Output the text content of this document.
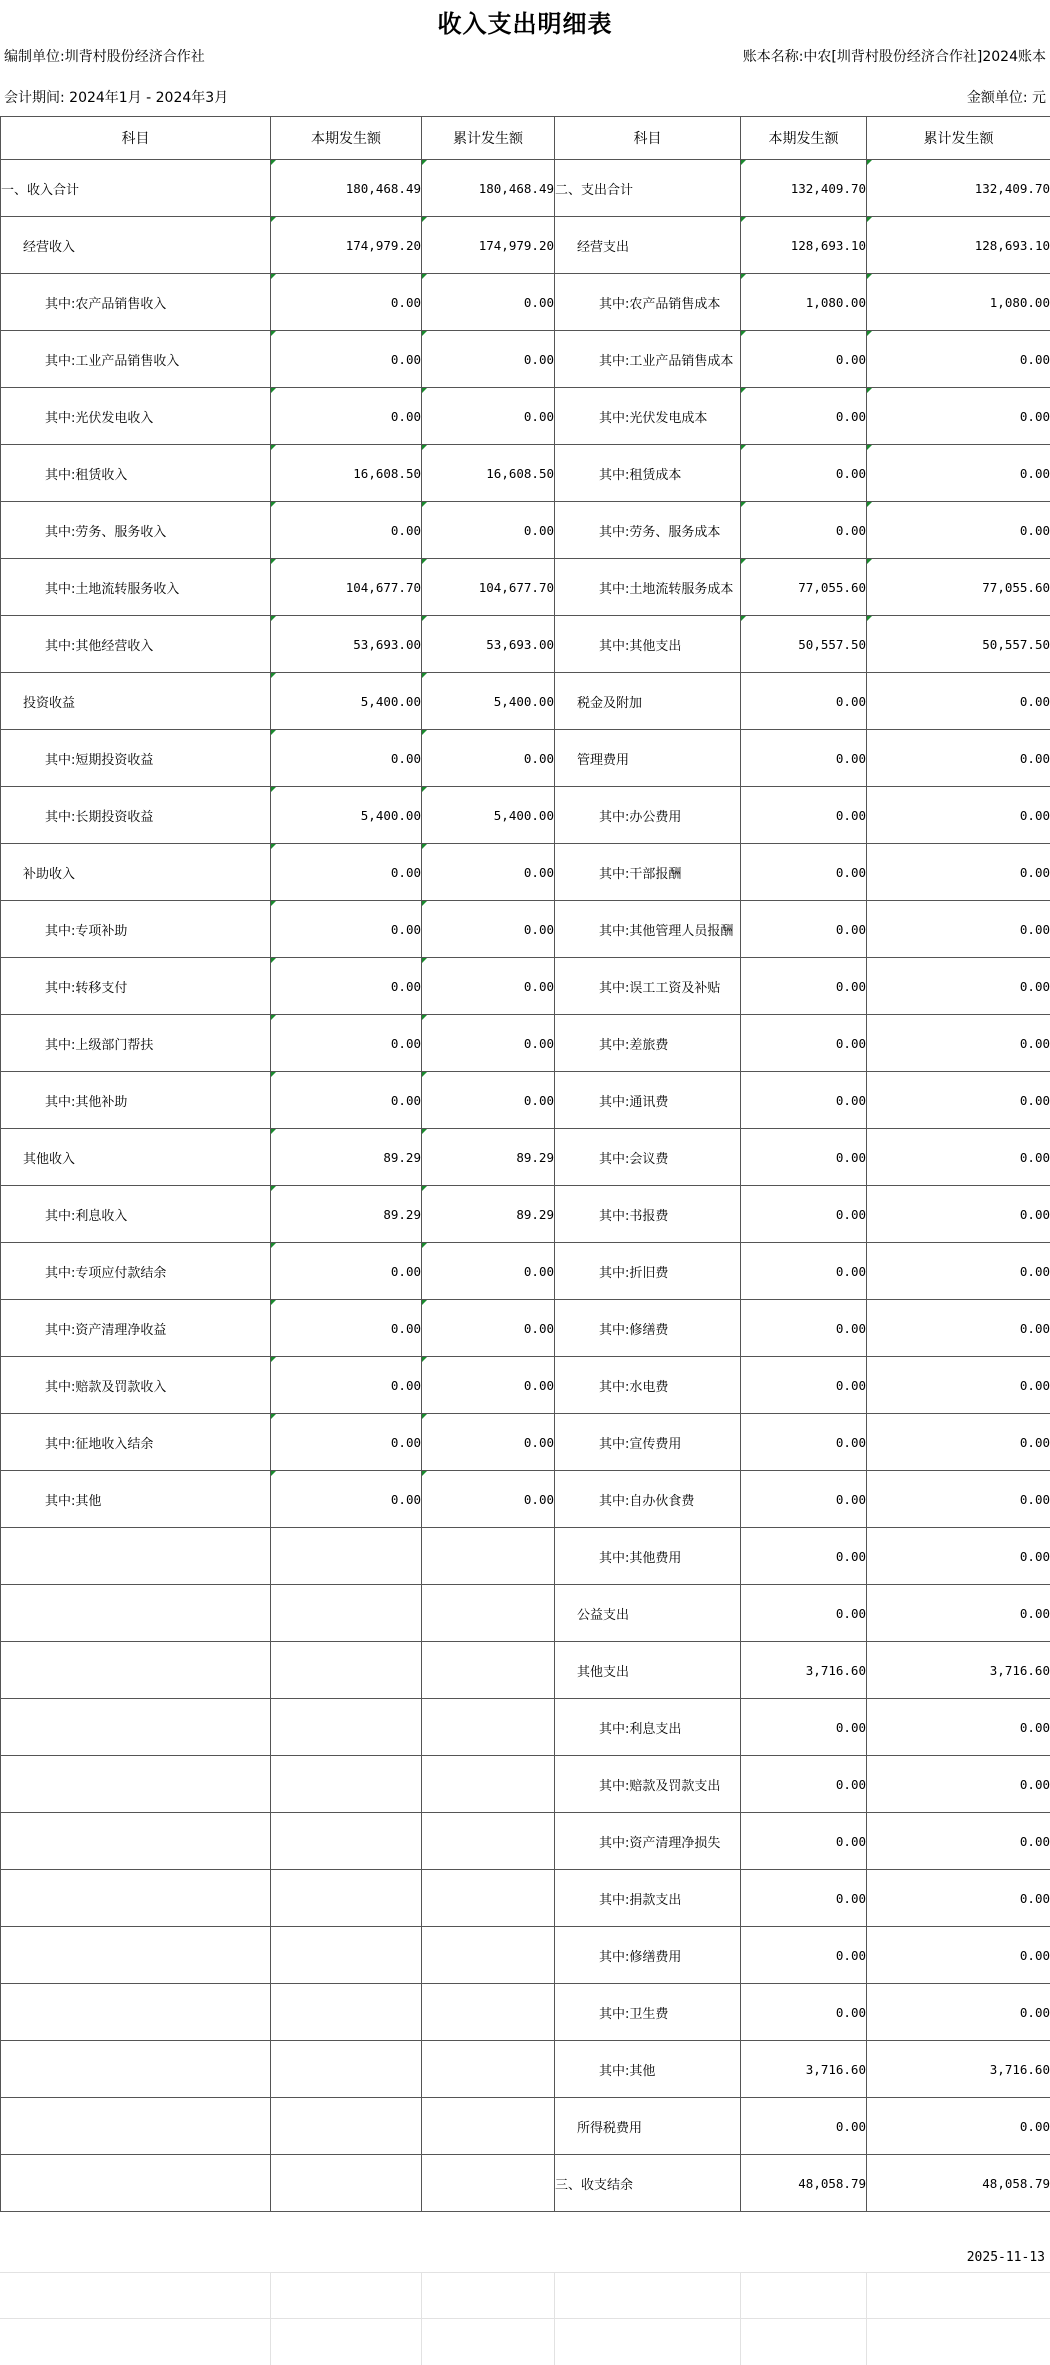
收入支出明细表
编制单位:圳背村股份经济合作社	账本名称:中农[圳背村股份经济合作社]2024账本
会计期间: 2024年1月 - 2024年3月	金额单位: 元
科目	本期发生额	累计发生额	科目	本期发生额	累计发生额
一、收入合计	180,468.49	180,468.49	二、支出合计	132,409.70	132,409.70
经营收入	174,979.20	174,979.20	经营支出	128,693.10	128,693.10
其中:农产品销售收入	0.00	0.00	其中:农产品销售成本	1,080.00	1,080.00
其中:工业产品销售收入	0.00	0.00	其中:工业产品销售成本	0.00	0.00
其中:光伏发电收入	0.00	0.00	其中:光伏发电成本	0.00	0.00
其中:租赁收入	16,608.50	16,608.50	其中:租赁成本	0.00	0.00
其中:劳务、服务收入	0.00	0.00	其中:劳务、服务成本	0.00	0.00
其中:土地流转服务收入	104,677.70	104,677.70	其中:土地流转服务成本	77,055.60	77,055.60
其中:其他经营收入	53,693.00	53,693.00	其中:其他支出	50,557.50	50,557.50
投资收益	5,400.00	5,400.00	税金及附加	0.00	0.00
其中:短期投资收益	0.00	0.00	管理费用	0.00	0.00
其中:长期投资收益	5,400.00	5,400.00	其中:办公费用	0.00	0.00
补助收入	0.00	0.00	其中:干部报酬	0.00	0.00
其中:专项补助	0.00	0.00	其中:其他管理人员报酬	0.00	0.00
其中:转移支付	0.00	0.00	其中:误工工资及补贴	0.00	0.00
其中:上级部门帮扶	0.00	0.00	其中:差旅费	0.00	0.00
其中:其他补助	0.00	0.00	其中:通讯费	0.00	0.00
其他收入	89.29	89.29	其中:会议费	0.00	0.00
其中:利息收入	89.29	89.29	其中:书报费	0.00	0.00
其中:专项应付款结余	0.00	0.00	其中:折旧费	0.00	0.00
其中:资产清理净收益	0.00	0.00	其中:修缮费	0.00	0.00
其中:赔款及罚款收入	0.00	0.00	其中:水电费	0.00	0.00
其中:征地收入结余	0.00	0.00	其中:宣传费用	0.00	0.00
其中:其他	0.00	0.00	其中:自办伙食费	0.00	0.00
			其中:其他费用	0.00	0.00
			公益支出	0.00	0.00
			其他支出	3,716.60	3,716.60
			其中:利息支出	0.00	0.00
			其中:赔款及罚款支出	0.00	0.00
			其中:资产清理净损失	0.00	0.00
			其中:捐款支出	0.00	0.00
			其中:修缮费用	0.00	0.00
			其中:卫生费	0.00	0.00
			其中:其他	3,716.60	3,716.60
			所得税费用	0.00	0.00
			三、收支结余	48,058.79	48,058.79
2025-11-13
